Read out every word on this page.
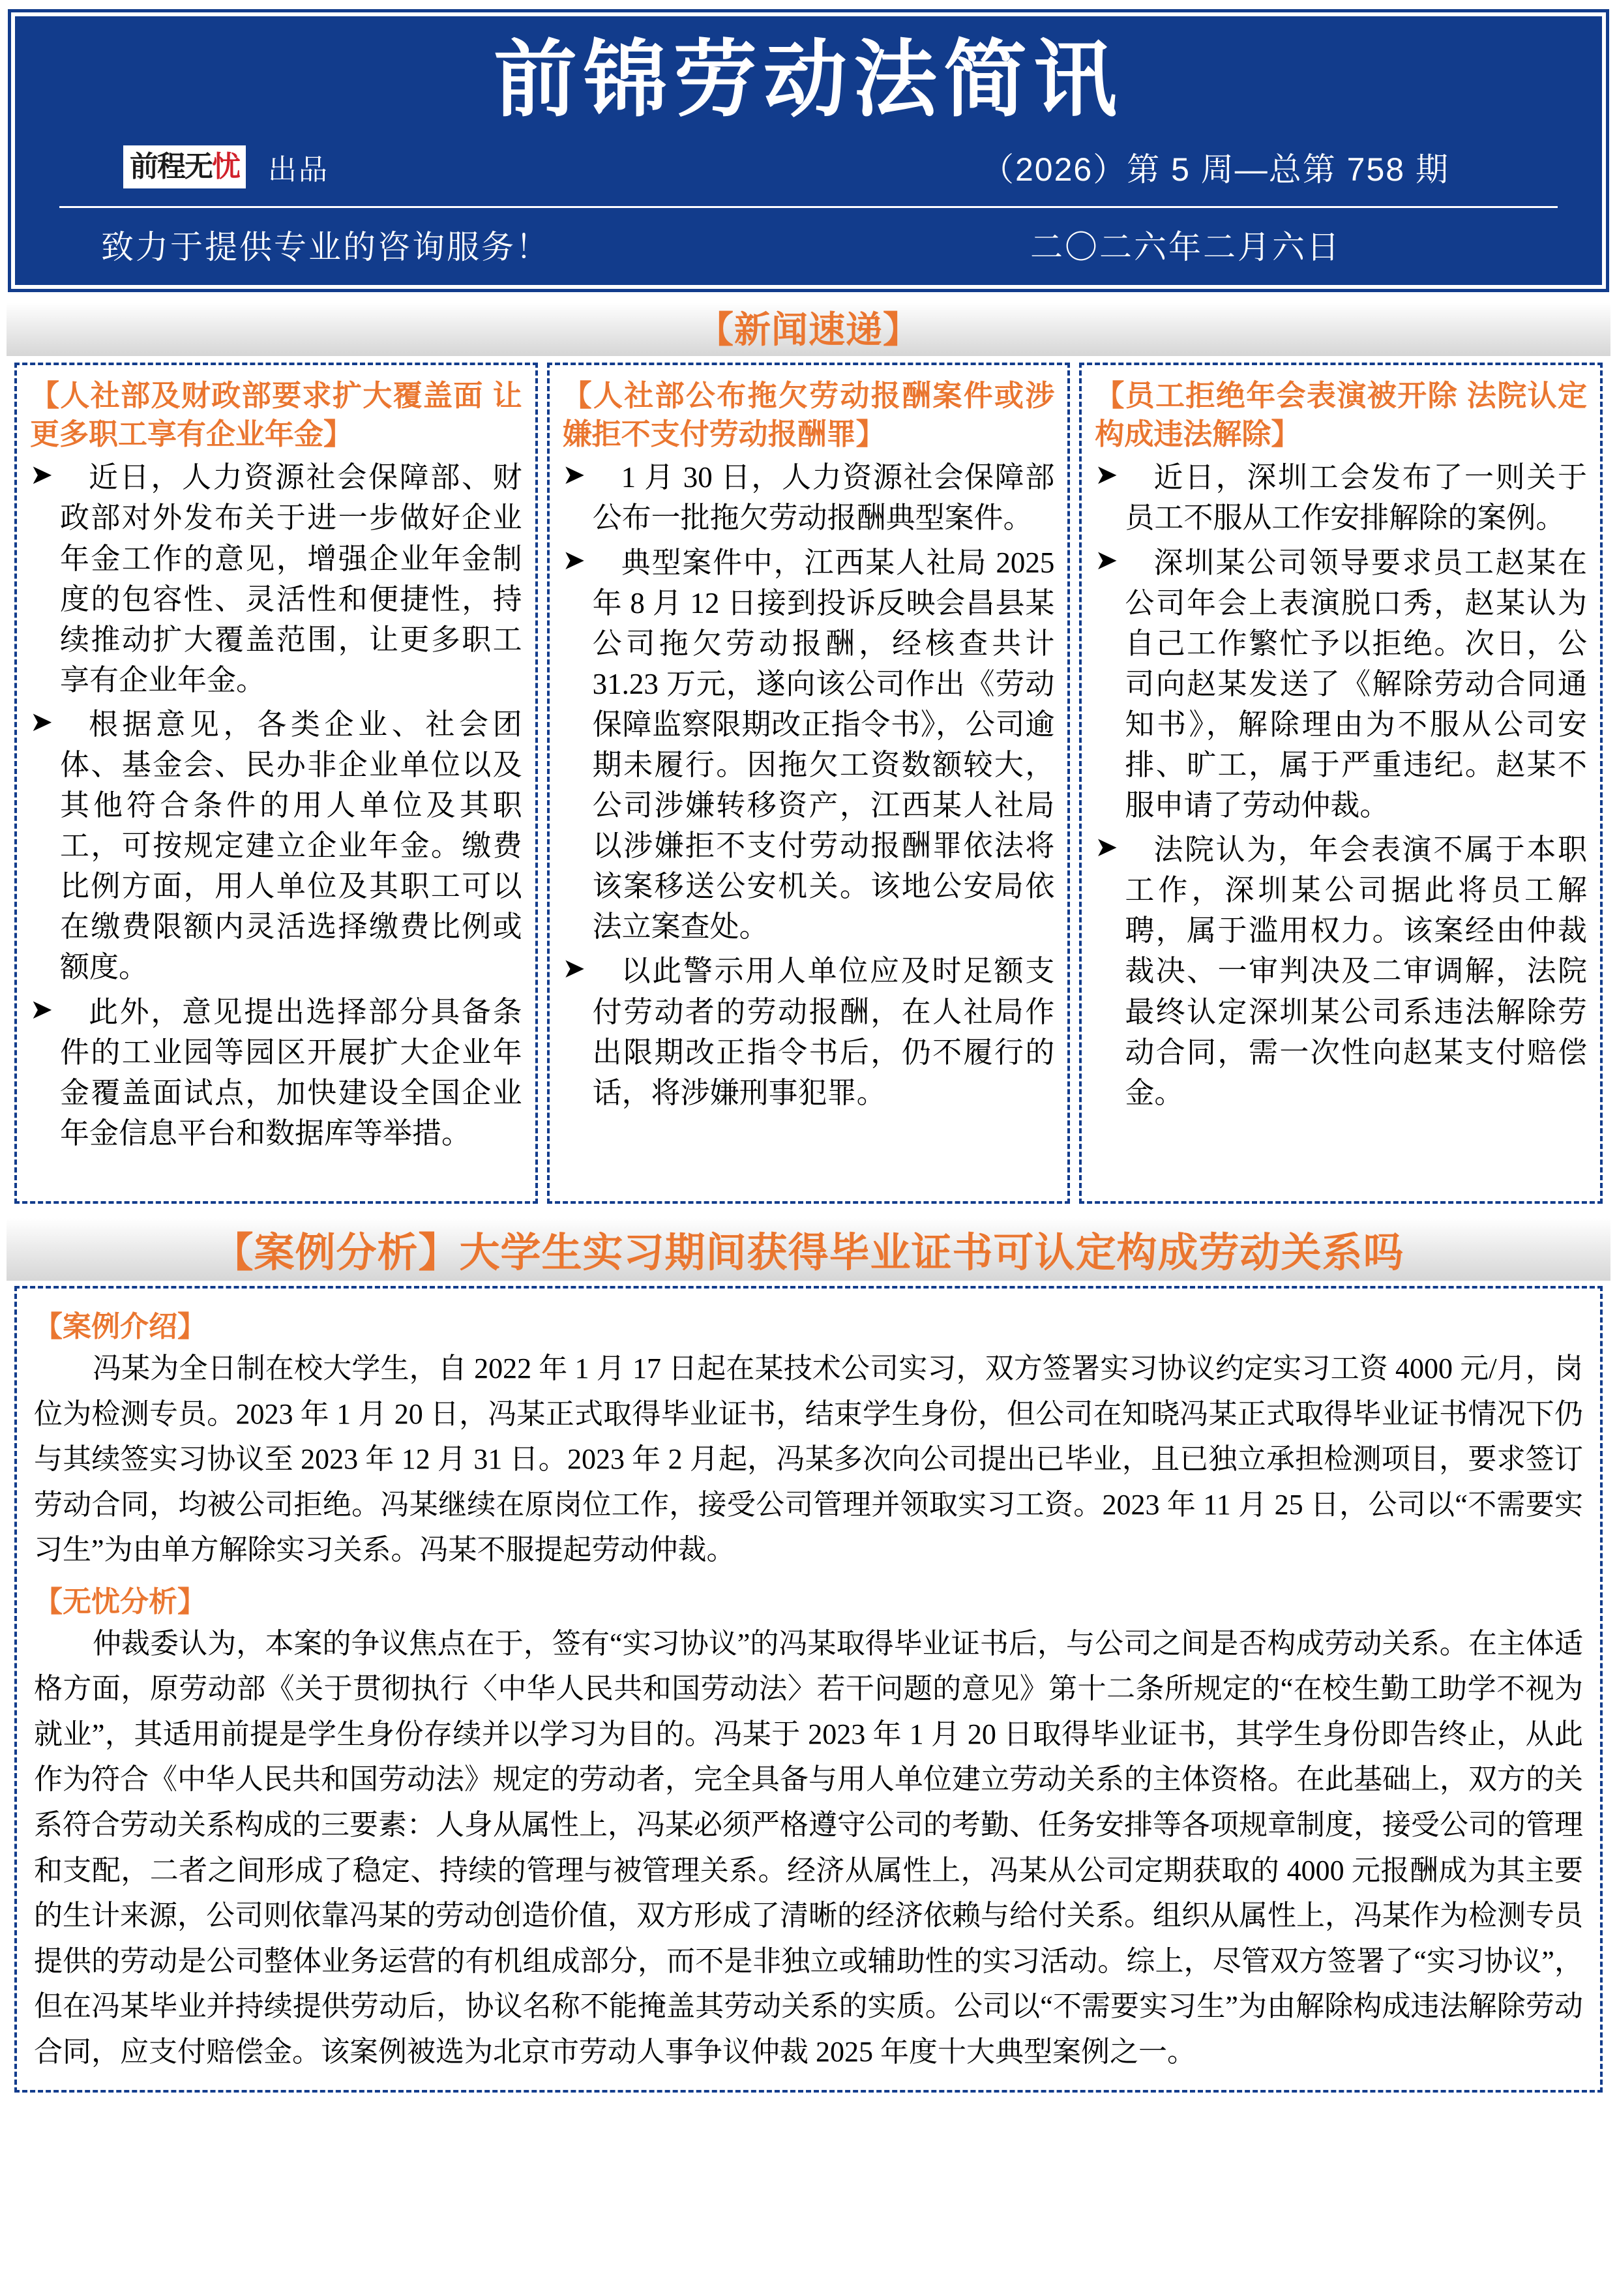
前锦劳动法简讯
前程无忧 出品	（2026）第 5 周—总第 758 期
致力于提供专业的咨询服务！	二〇二六年二月六日
【新闻速递】
【人社部及财政部要求扩大覆盖面 让更多职工享有企业年金】
➤	近日，人力资源社会保障部、财政部对外发布关于进一步做好企业年金工作的意见，增强企业年金制度的包容性、灵活性和便捷性，持续推动扩大覆盖范围，让更多职工享有企业年金。
➤	根据意见，各类企业、社会团体、基金会、民办非企业单位以及其他符合条件的用人单位及其职工，可按规定建立企业年金。缴费比例方面，用人单位及其职工可以在缴费限额内灵活选择缴费比例或额度。
➤	此外，意见提出选择部分具备条件的工业园等园区开展扩大企业年金覆盖面试点，加快建设全国企业年金信息平台和数据库等举措。
【人社部公布拖欠劳动报酬案件或涉嫌拒不支付劳动报酬罪】
➤	1 月 30 日，人力资源社会保障部公布一批拖欠劳动报酬典型案件。
➤	典型案件中，江西某人社局 2025 年 8 月 12 日接到投诉反映会昌县某公司拖欠劳动报酬，经核查共计 31.23 万元，遂向该公司作出《劳动保障监察限期改正指令书》，公司逾期未履行。因拖欠工资数额较大，公司涉嫌转移资产，江西某人社局以涉嫌拒不支付劳动报酬罪依法将该案移送公安机关。该地公安局依法立案查处。
➤	以此警示用人单位应及时足额支付劳动者的劳动报酬，在人社局作出限期改正指令书后，仍不履行的话，将涉嫌刑事犯罪。
【员工拒绝年会表演被开除 法院认定构成违法解除】
➤	近日，深圳工会发布了一则关于员工不服从工作安排解除的案例。
➤	深圳某公司领导要求员工赵某在公司年会上表演脱口秀，赵某认为自己工作繁忙予以拒绝。次日，公司向赵某发送了《解除劳动合同通知书》，解除理由为不服从公司安排、旷工，属于严重违纪。赵某不服申请了劳动仲裁。
➤	法院认为，年会表演不属于本职工作，深圳某公司据此将员工解聘，属于滥用权力。该案经由仲裁裁决、一审判决及二审调解，法院最终认定深圳某公司系违法解除劳动合同，需一次性向赵某支付赔偿金。
【案例分析】大学生实习期间获得毕业证书可认定构成劳动关系吗
【案例介绍】
冯某为全日制在校大学生，自 2022 年 1 月 17 日起在某技术公司实习，双方签署实习协议约定实习工资 4000 元/月，岗位为检测专员。2023 年 1 月 20 日，冯某正式取得毕业证书，结束学生身份，但公司在知晓冯某正式取得毕业证书情况下仍与其续签实习协议至 2023 年 12 月 31 日。2023 年 2 月起，冯某多次向公司提出已毕业，且已独立承担检测项目，要求签订劳动合同，均被公司拒绝。冯某继续在原岗位工作，接受公司管理并领取实习工资。2023 年 11 月 25 日，公司以“不需要实习生”为由单方解除实习关系。冯某不服提起劳动仲裁。
【无忧分析】
仲裁委认为，本案的争议焦点在于，签有“实习协议”的冯某取得毕业证书后，与公司之间是否构成劳动关系。在主体适格方面，原劳动部《关于贯彻执行〈中华人民共和国劳动法〉若干问题的意见》第十二条所规定的“在校生勤工助学不视为就业”，其适用前提是学生身份存续并以学习为目的。冯某于 2023 年 1 月 20 日取得毕业证书，其学生身份即告终止，从此作为符合《中华人民共和国劳动法》规定的劳动者，完全具备与用人单位建立劳动关系的主体资格。在此基础上，双方的关系符合劳动关系构成的三要素：人身从属性上，冯某必须严格遵守公司的考勤、任务安排等各项规章制度，接受公司的管理和支配，二者之间形成了稳定、持续的管理与被管理关系。经济从属性上，冯某从公司定期获取的 4000 元报酬成为其主要的生计来源，公司则依靠冯某的劳动创造价值，双方形成了清晰的经济依赖与给付关系。组织从属性上，冯某作为检测专员提供的劳动是公司整体业务运营的有机组成部分，而不是非独立或辅助性的实习活动。综上，尽管双方签署了“实习协议”，但在冯某毕业并持续提供劳动后，协议名称不能掩盖其劳动关系的实质。公司以“不需要实习生”为由解除构成违法解除劳动合同，应支付赔偿金。该案例被选为北京市劳动人事争议仲裁 2025 年度十大典型案例之一。
